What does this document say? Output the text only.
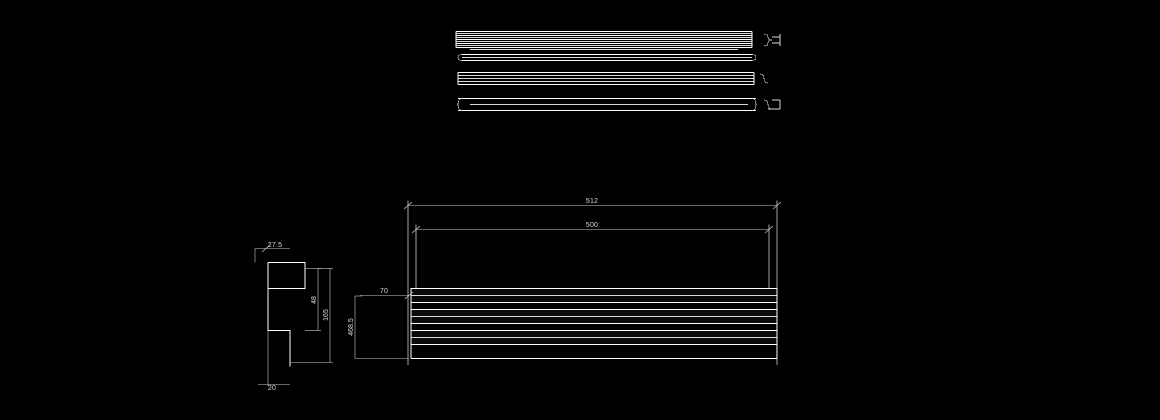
512
500
70
468.5
27.5
48
165
20
